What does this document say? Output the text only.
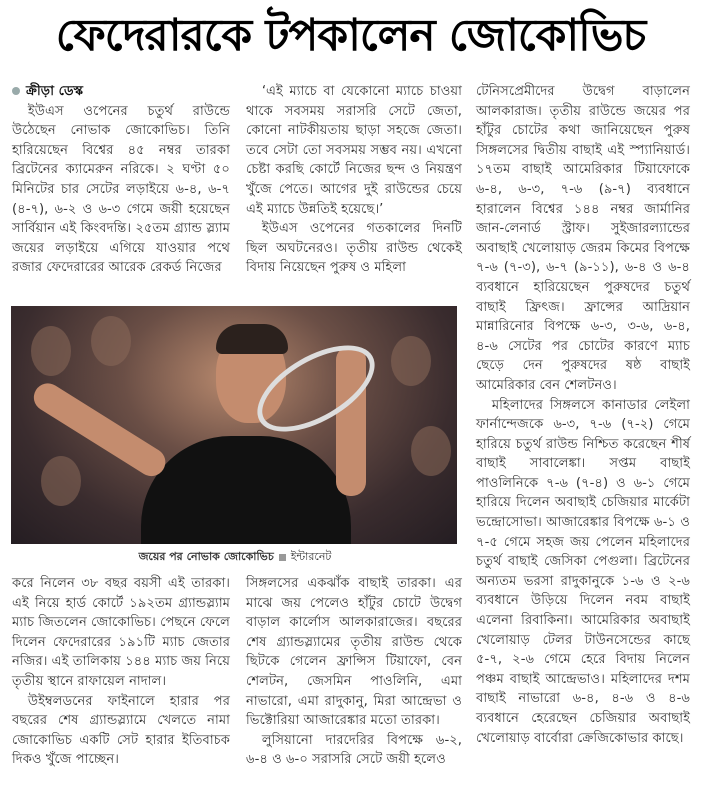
ফেদেরারকে টপকালেন জোকোভিচ
ক্রীড়া ডেস্ক

ইউএস ওপেনের চতুর্থ রাউন্ডে উঠেছেন নোভাক জোকোভিচ। তিনি হারিয়েছেন বিশ্বের ৪৫ নম্বর তারকা ব্রিটেনের ক্যামেরুন নরিকে। ২ ঘণ্টা ৫০ মিনিটের চার সেটের লড়াইয়ে ৬-৪, ৬-৭ (৪-৭), ৬-২ ও ৬-৩ গেমে জয়ী হয়েছেন সার্বিয়ান এই কিংবদন্তি। ২৫তম গ্র্যান্ড স্ল্যাম জয়ের লড়াইয়ে এগিয়ে যাওয়ার পথে রজার ফেদেরারের আরেক রেকর্ড নিজের

‘এই ম্যাচে বা যেকোনো ম্যাচে চাওয়া থাকে সবসময় সরাসরি সেটে জেতা, কোনো নাটকীয়তায় ছাড়া সহজে জেতা। তবে সেটা তো সবসময় সম্ভব নয়। এখনো চেষ্টা করছি কোর্টে নিজের ছন্দ ও নিয়ন্ত্রণ খুঁজে পেতে। আগের দুই রাউন্ডের চেয়ে এই ম্যাচে উন্নতিই হয়েছে।’

ইউএস ওপেনের গতকালের দিনটি ছিল অঘটনেরও। তৃতীয় রাউন্ড থেকেই বিদায় নিয়েছেন পুরুষ ও মহিলা

জয়ের পর নোভাক জোকোভিচ ইন্টারনেট

করে নিলেন ৩৮ বছর বয়সী এই তারকা। এই নিয়ে হার্ড কোর্টে ১৯২তম গ্র্যান্ডস্ল্যাম ম্যাচ জিতলেন জোকোভিচ। পেছনে ফেলে দিলেন ফেদেরারের ১৯১টি ম্যাচ জেতার নজির। এই তালিকায় ১৪৪ ম্যাচ জয় নিয়ে তৃতীয় স্থানে রাফায়েল নাদাল।

উইম্বলডনের ফাইনালে হারার পর বছরের শেষ গ্র্যান্ডস্ল্যামে খেলতে নামা জোকোভিচ একটি সেট হারার ইতিবাচক দিকও খুঁজে পাচ্ছেন।

সিঙ্গলসের একঝাঁক বাছাই তারকা। এর মাঝে জয় পেলেও হাঁটুর চোটে উদ্বেগ বাড়াল কার্লোস আলকারাজের। বছরের শেষ গ্র্যান্ডস্ল্যামের তৃতীয় রাউন্ড থেকে ছিটকে গেলেন ফ্রান্সিস টিয়াফো, বেন শেলটন, জেসমিন পাওলিনি, এমা নাভারো, এমা রাদুকানু, মিরা আন্দ্রেভা ও ভিক্টোরিয়া আজারেঙ্কার মতো তারকা।

লুসিয়ানো দারদেরির বিপক্ষে ৬-২, ৬-৪ ও ৬-০ সরাসরি সেটে জয়ী হলেও

টেনিসপ্রেমীদের উদ্বেগ বাড়ালেন আলকারাজ। তৃতীয় রাউন্ডে জয়ের পর হাঁটুর চোটের কথা জানিয়েছেন পুরুষ সিঙ্গলসের দ্বিতীয় বাছাই এই স্প্যানিয়ার্ড। ১৭তম বাছাই আমেরিকার টিয়াফোকে ৬-৪, ৬-৩, ৭-৬ (৯-৭) ব্যবধানে হারালেন বিশ্বের ১৪৪ নম্বর জার্মানির জান-লেনার্ড স্ট্রাফ। সুইজারল্যান্ডের অবাছাই খেলোয়াড় জেরম কিমের বিপক্ষে ৭-৬ (৭-৩), ৬-৭ (৯-১১), ৬-৪ ও ৬-৪ ব্যবধানে হারিয়েছেন পুরুষদের চতুর্থ বাছাই ফ্রিৎজ। ফ্রান্সের আদ্রিয়ান মান্নারিনোর বিপক্ষে ৬-৩, ৩-৬, ৬-৪, ৪-৬ সেটের পর চোটের কারণে ম্যাচ ছেড়ে দেন পুরুষদের ষষ্ঠ বাছাই আমেরিকার বেন শেলটনও।

মহিলাদের সিঙ্গলসে কানাডার লেইলা ফার্নান্দেজকে ৬-৩, ৭-৬ (৭-২) গেমে হারিয়ে চতুর্থ রাউন্ড নিশ্চিত করেছেন শীর্ষ বাছাই সাবালেঙ্কা। সপ্তম বাছাই পাওলিনিকে ৭-৬ (৭-৪) ও ৬-১ গেমে হারিয়ে দিলেন অবাছাই চেজিয়ার মার্কেটা ভন্দ্রোসোভা। আজারেঙ্কার বিপক্ষে ৬-১ ও ৭-৫ গেমে সহজ জয় পেলেন মহিলাদের চতুর্থ বাছাই জেসিকা পেগুলা। ব্রিটেনের অন্যতম ভরসা রাদুকানুকে ১-৬ ও ২-৬ ব্যবধানে উড়িয়ে দিলেন নবম বাছাই এলেনা রিবাকিনা। আমেরিকার অবাছাই খেলোয়াড় টেলর টাউনসেন্ডের কাছে ৫-৭, ২-৬ গেমে হেরে বিদায় নিলেন পঞ্চম বাছাই আন্দ্রেভাও। মহিলাদের দশম বাছাই নাভারো ৬-৪, ৪-৬ ও ৪-৬ ব্যবধানে হেরেছেন চেজিয়ার অবাছাই খেলোয়াড় বার্বোরা ক্রেজিকোভার কাছে।
